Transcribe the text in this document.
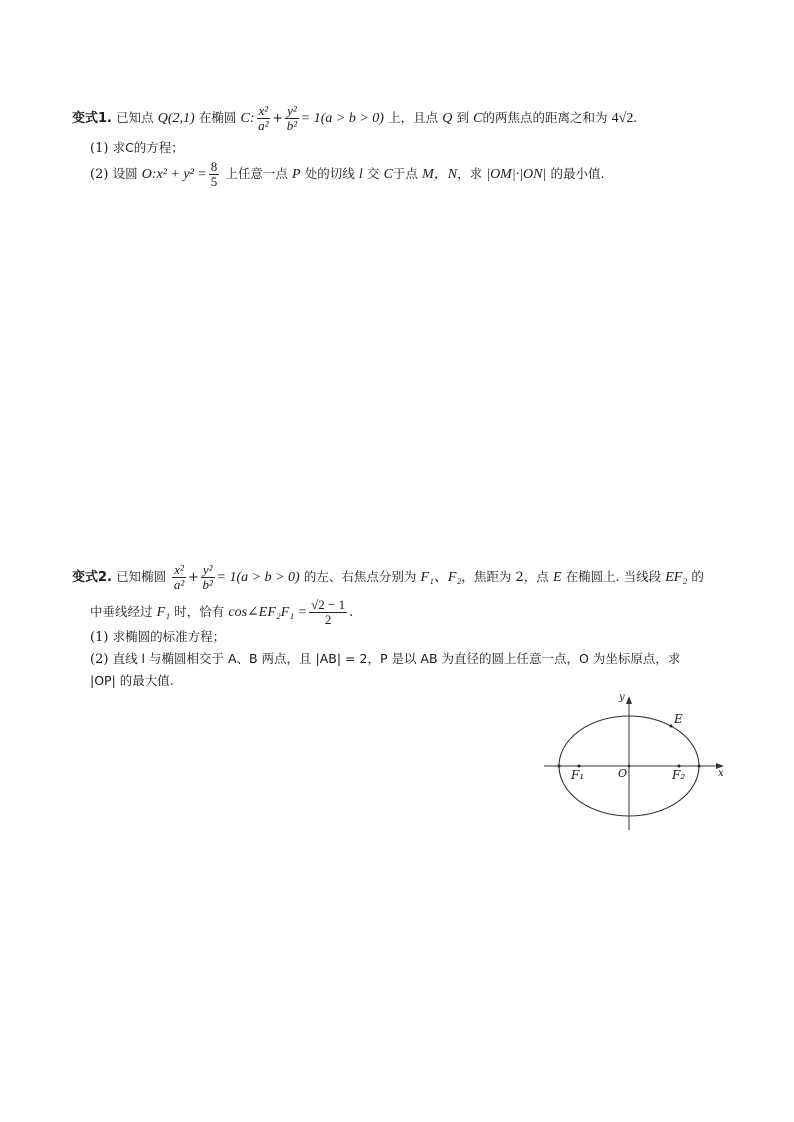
变式1. 已知点 Q(2,1) 在椭圆 C: $\frac{\text{x²}}{\text{a²}} + \frac{\text{y²}}{\text{b²}} = 1(a > b > 0)$ 上，且点 Q 到 C的两焦点的距离之和为 4√2.
(1) 求C的方程；
(2) 设圆 O:x² + $y^2 = \frac{8}{5}$ 上任意一点 P 处的切线 l 交 C于点 M，N，求 |OM|·|ON| 的最小值.
变式2. 已知椭圆 $\frac{\text{x²}}{\text{a²}} + \frac{\text{y²}}{\text{b²}} = 1(a > b > 0)$ 的左、右焦点分别为 F₁、F₂，焦距为 2，点 E 在椭圆上. 当线段 EF₂ 的
中垂线经过 F₁ 时，恰有 cos∠EF₂F₁ = $\frac{√2 - 1}{2}$ .
(1) 求椭圆的标准方程；
(2) 直线 l 与椭圆相交于 A、B 两点，且 |AB| = 2，P 是以 AB 为直径的圆上任意一点，O 为坐标原点，求
|OP| 的最大值.
y
x
O
F₁	F₂
E
